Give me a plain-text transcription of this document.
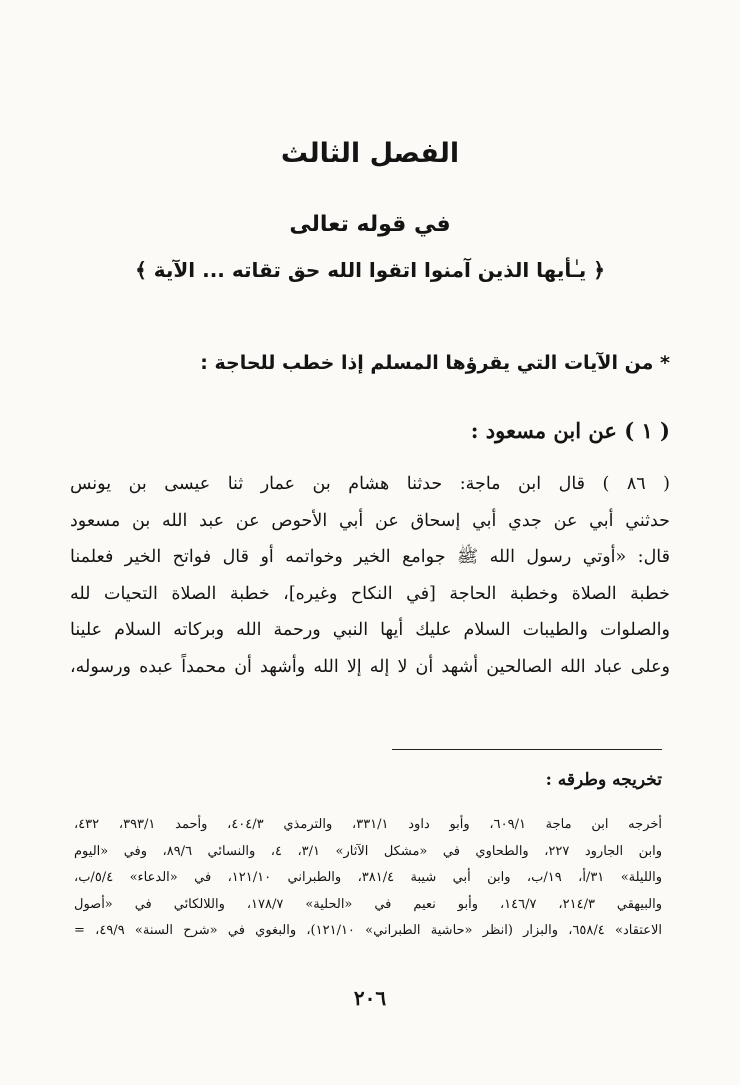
الفصل الثالث
في قوله تعالى
﴿ يـٰأيها الذين آمنوا اتقوا الله حق تقاته ... الآية ﴾
* من الآيات التي يقرؤها المسلم إذا خطب للحاجة :
( ١ ) عن ابن مسعود :
( ٨٦ ) قال ابن ماجة: حدثنا هشام بن عمار ثنا عيسى بن يونس
حدثني أبي عن جدي أبي إسحاق عن أبي الأحوص عن عبد الله بن مسعود
قال: «أوتي رسول الله ﷺ جوامع الخير وخواتمه أو قال فواتح الخير فعلمنا
خطبة الصلاة وخطبة الحاجة [في النكاح وغيره]، خطبة الصلاة التحيات لله
والصلوات والطيبات السلام عليك أيها النبي ورحمة الله وبركاته السلام علينا
وعلى عباد الله الصالحين أشهد أن لا إله إلا الله وأشهد أن محمداً عبده ورسوله،
تخريجه وطرقه :
أخرجه ابن ماجة ٦٠٩/١، وأبو داود ٣٣١/١، والترمذي ٤٠٤/٣، وأحمد ٣٩٣/١، ٤٣٢،
وابن الجارود ٢٢٧، والطحاوي في «مشكل الآثار» ٣/١، ٤، والنسائي ٨٩/٦، وفي «اليوم
والليلة» ٣١/أ، ١٩/ب، وابن أبي شيبة ٣٨١/٤، والطبراني ١٢١/١٠، في «الدعاء» ٥/٤/ب،
والبيهقي ٢١٤/٣، ١٤٦/٧، وأبو نعيم في «الحلية» ١٧٨/٧، واللالكائي في «أصول
الاعتقاد» ٦٥٨/٤، والبزار (انظر «حاشية الطبراني» ١٢١/١٠)، والبغوي في «شرح السنة» ٤٩/٩، =
٢٠٦
